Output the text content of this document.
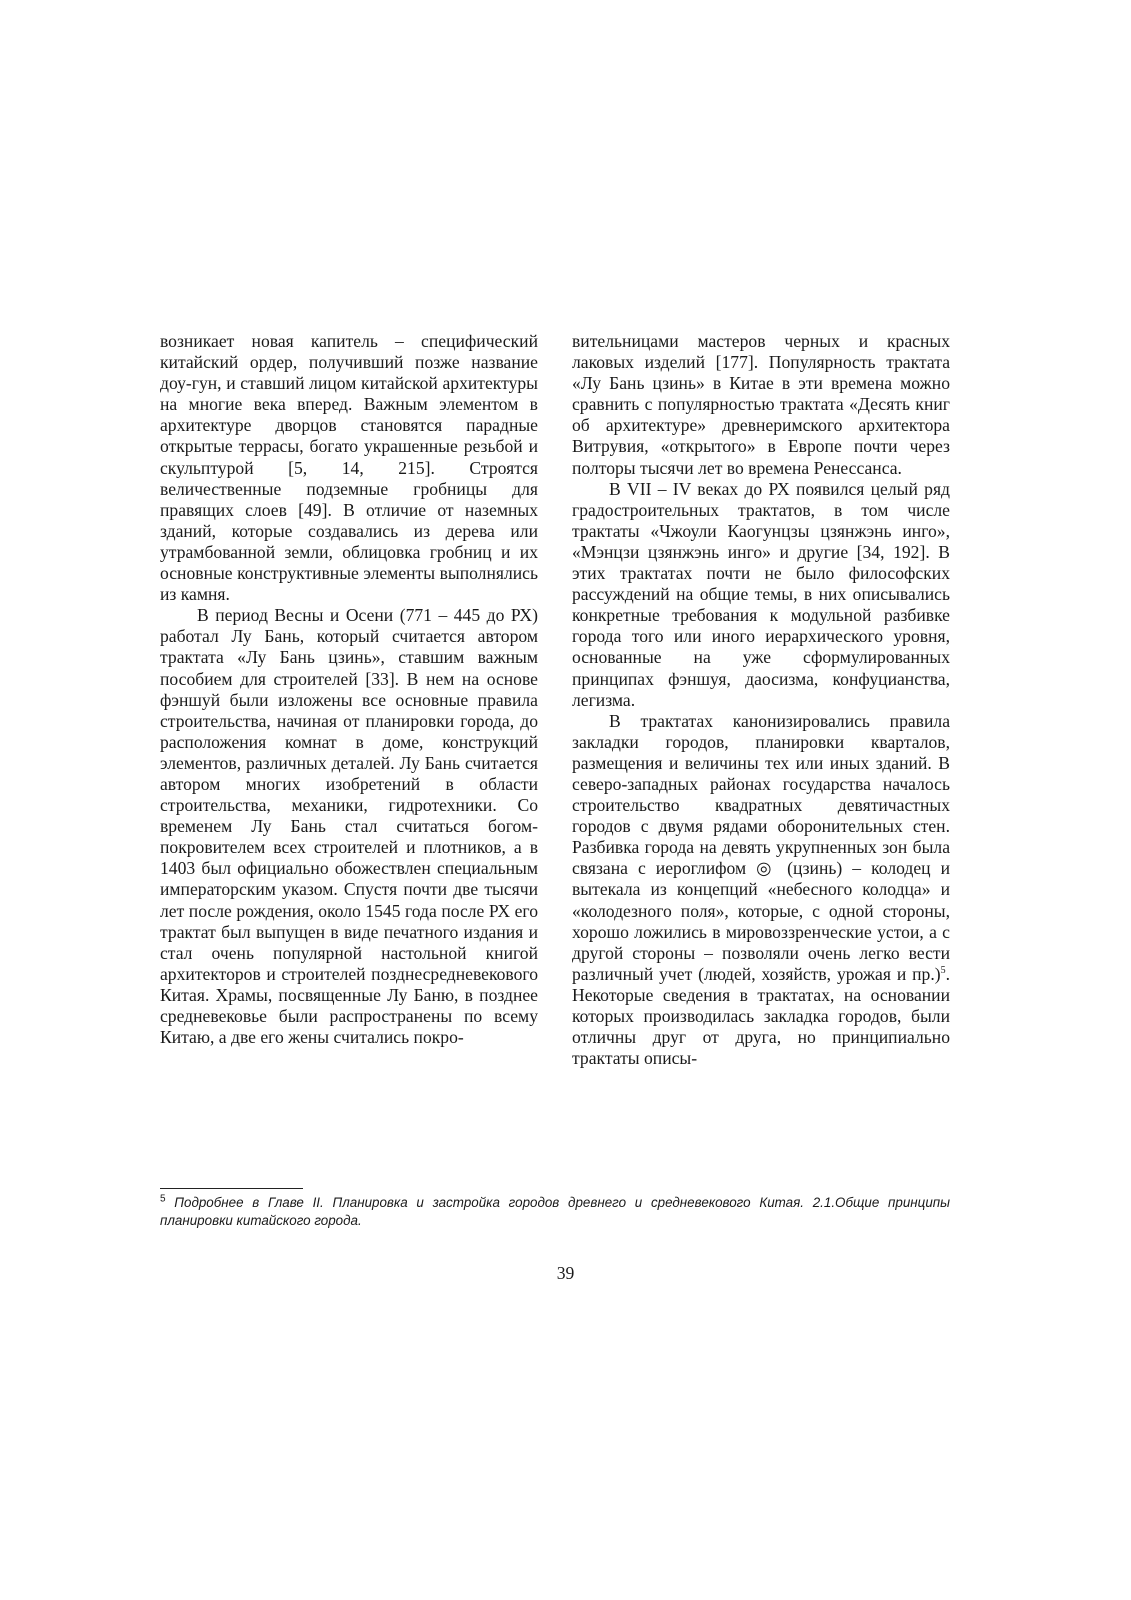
возникает новая капитель – специфический китайский ордер, получивший позже название доу-гун, и ставший лицом китайской архитектуры на многие века вперед. Важным элементом в архитектуре дворцов становятся парадные открытые террасы, богато украшенные резьбой и скульптурой [5, 14, 215]. Строятся величественные подземные гробницы для правящих слоев [49]. В отличие от наземных зданий, которые создавались из дерева или утрамбованной земли, облицовка гробниц и их основные конструктивные элементы выполнялись из камня.

В период Весны и Осени (771 – 445 до РХ) работал Лу Бань, который считается автором трактата «Лу Бань цзинь», ставшим важным пособием для строителей [33]. В нем на основе фэншуй были изложены все основные правила строительства, начиная от планировки города, до расположения комнат в доме, конструкций элементов, различных деталей. Лу Бань считается автором многих изобретений в области строительства, механики, гидротехники. Со временем Лу Бань стал считаться богом-покровителем всех строителей и плотников, а в 1403 был официально обожествлен специальным императорским указом. Спустя почти две тысячи лет после рождения, около 1545 года после РХ его трактат был выпущен в виде печатного издания и стал очень популярной настольной книгой архитекторов и строителей позднесредневекового Китая. Храмы, посвященные Лу Баню, в позднее средневековье были распространены по всему Китаю, а две его жены считались покро-

вительницами мастеров черных и красных лаковых изделий [177]. Популярность трактата «Лу Бань цзинь» в Китае в эти времена можно сравнить с популярностью трактата «Десять книг об архитектуре» древнеримского архитектора Витрувия, «открытого» в Европе почти через полторы тысячи лет во времена Ренессанса.

В VII – IV веках до РХ появился целый ряд градостроительных трактатов, в том числе трактаты «Чжоули Каогунцзы цзянжэнь инго», «Мэнцзи цзянжэнь инго» и другие [34, 192]. В этих трактатах почти не было философских рассуждений на общие темы, в них описывались конкретные требования к модульной разбивке города того или иного иерархического уровня, основанные на уже сформулированных принципах фэншуя, даосизма, конфуцианства, легизма.

В трактатах канонизировались правила закладки городов, планировки кварталов, размещения и величины тех или иных зданий. В северо-западных районах государства началось строительство квадратных девятичастных городов с двумя рядами оборонительных стен. Разбивка города на девять укрупненных зон была связана с иероглифом ◎ (цзинь) – колодец и вытекала из концепций «небесного колодца» и «колодезного поля», которые, с одной стороны, хорошо ложились в мировоззренческие устои, а с другой стороны – позволяли очень легко вести различный учет (людей, хозяйств, урожая и пр.)$^5$. Некоторые сведения в трактатах, на основании которых производилась закладка городов, были отличны друг от друга, но принципиально трактаты описы-

$^5$ Подробнее в Главе II. Планировка и застройка городов древнего и средневекового Китая. 2.1.Общие принципы планировки китайского города.
39
